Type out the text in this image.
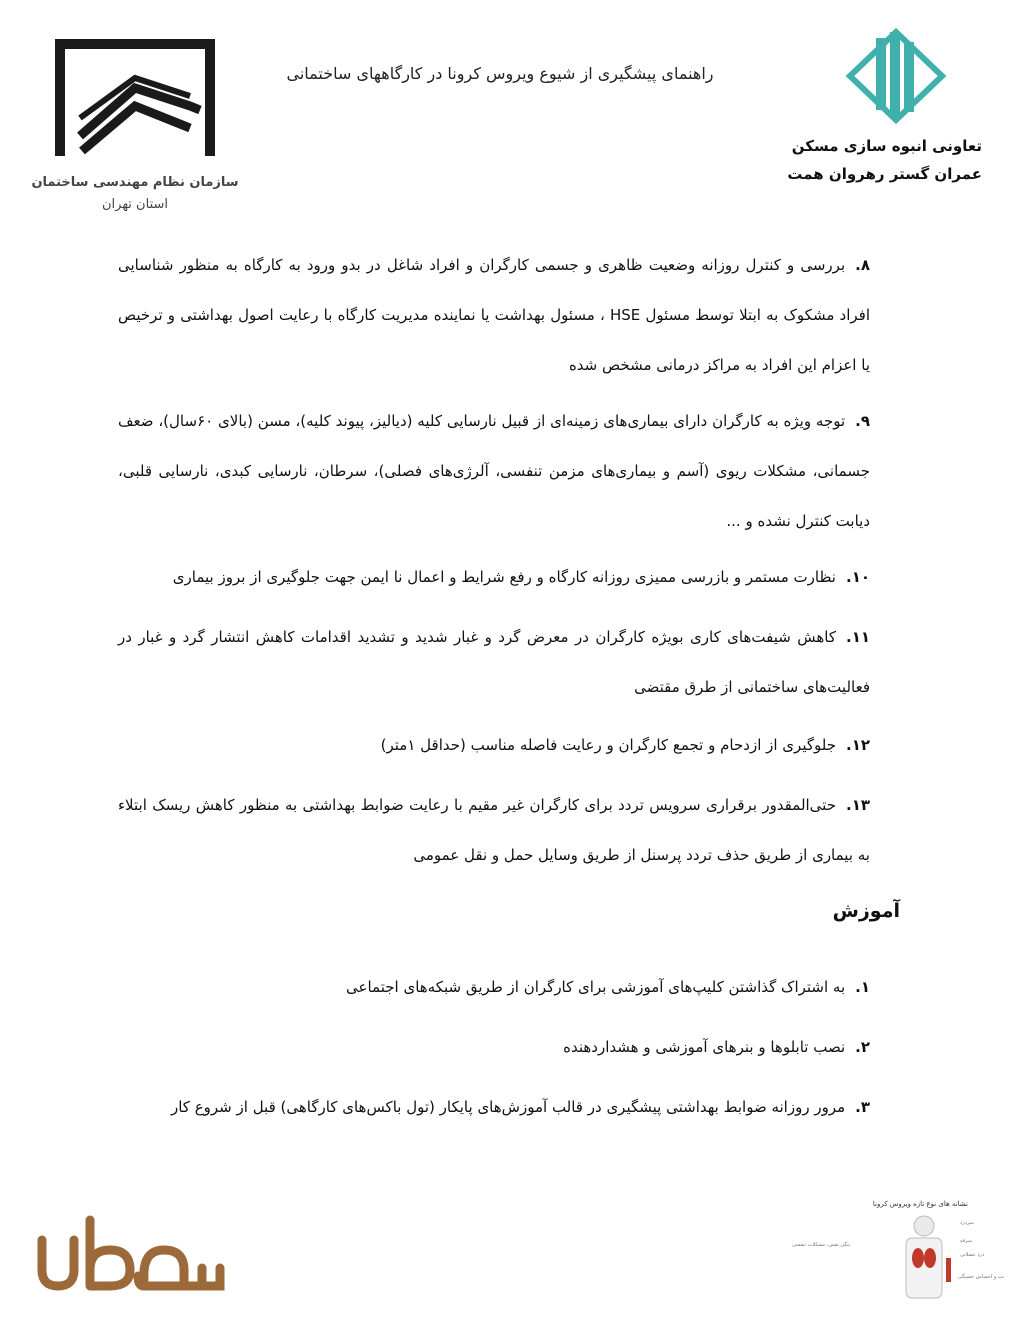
سازمان نظام مهندسی ساختمان
استان تهران
راهنمای پیشگیری از شیوع ویروس کرونا در کارگاههای ساختمانی
تعاونی انبوه سازی مسکن
عمران گستر رهروان همت
۸.بررسی و کنترل روزانه وضعیت ظاهری و جسمی کارگران و افراد شاغل در بدو ورود به کارگاه به منظور شناسایی افراد مشکوک به ابتلا توسط مسئول HSE ، مسئول بهداشت یا نماینده مدیریت کارگاه با رعایت اصول بهداشتی و ترخیص یا اعزام این افراد به مراکز درمانی مشخص شده
۹.توجه ویژه به کارگران دارای بیماری‌های زمینه‌ای از قبیل نارسایی کلیه (دیالیز، پیوند کلیه)، مسن (بالای ۶۰سال)، ضعف جسمانی، مشکلات ریوی (آسم و بیماری‌های مزمن تنفسی، آلرژی‌های فصلی)، سرطان، نارسایی کبدی، نارسایی قلبی، دیابت کنترل نشده و ...
۱۰.نظارت مستمر و بازرسی ممیزی روزانه کارگاه و رفع شرایط و اعمال نا ایمن جهت جلوگیری از بروز بیماری
۱۱.کاهش شیفت‌های کاری بویژه کارگران در معرض گرد و غبار شدید و تشدید اقدامات کاهش انتشار گرد و غبار در فعالیت‌های ساختمانی از طرق مقتضی
۱۲.جلوگیری از ازدحام و تجمع کارگران و رعایت فاصله مناسب (حداقل ۱متر)
۱۳.حتی‌المقدور برقراری سرویس تردد برای کارگران غیر مقیم با رعایت ضوابط بهداشتی به منظور کاهش ریسک ابتلاء به بیماری از طریق حذف تردد پرسنل از طریق وسایل حمل و نقل عمومی
آموزش
۱.به اشتراک گذاشتن کلیپ‌های آموزشی برای کارگران از طریق شبکه‌های اجتماعی
۲.نصب تابلوها و بنرهای آموزشی و هشداردهنده
۳.مرور روزانه ضوابط بهداشتی پیشگیری در قالب آموزش‌های پایکار (تول باکس‌های کارگاهی) قبل از شروع کار
نشانه های نوع تازه ویروس کرونا
سردرد
سرفه
درد عضلانی
تب و احساس خستگی
تنگی نفس، مشکلات تنفسی
